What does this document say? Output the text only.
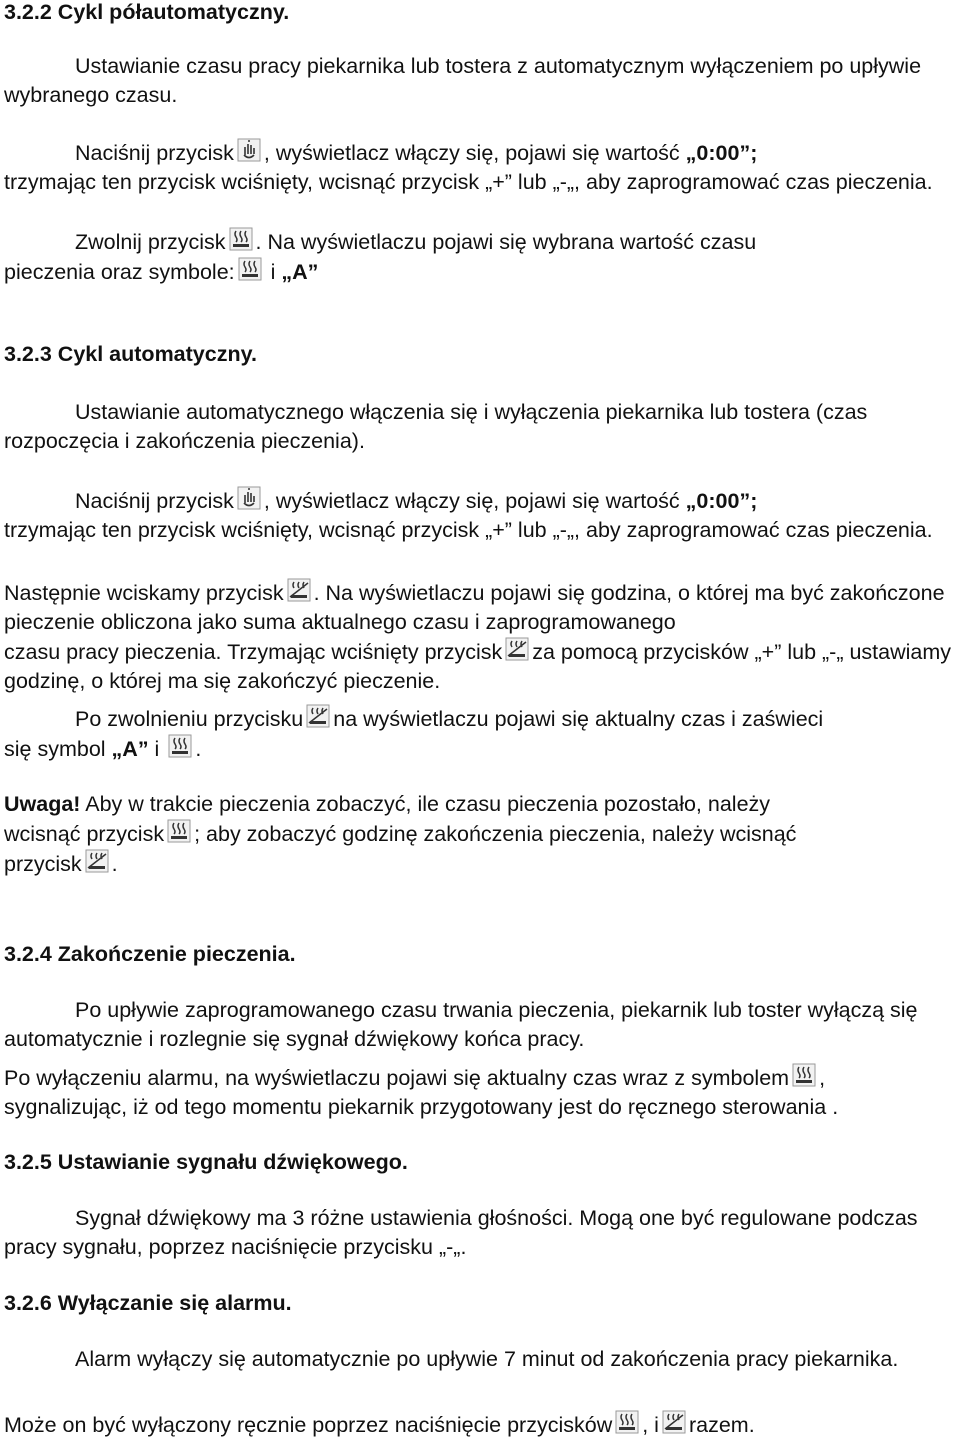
3.2.2 Cykl półautomatyczny.
Ustawianie czasu pracy piekarnika lub tostera z automatycznym wyłączeniem po upływie wybranego czasu.
Naciśnij przycisk , wyświetlacz włączy się, pojawi się wartość „0:00”;
trzymając ten przycisk wciśnięty, wcisnąć przycisk „+” lub „-„, aby zaprogramować czas pieczenia.
Zwolnij przycisk . Na wyświetlaczu pojawi się wybrana wartość czasu
pieczenia oraz symbole:
i „A”
3.2.3 Cykl automatyczny.
Ustawianie automatycznego włączenia się i wyłączenia piekarnika lub tostera (czas rozpoczęcia i zakończenia pieczenia).
Naciśnij przycisk , wyświetlacz włączy się, pojawi się wartość „0:00”;
trzymając ten przycisk wciśnięty, wcisnąć przycisk „+” lub „-„, aby zaprogramować czas pieczenia.
Następnie wciskamy przycisk . Na wyświetlaczu pojawi się godzina, o której ma być zakończone pieczenie obliczona jako suma aktualnego czasu i zaprogramowanego
czasu pracy pieczenia. Trzymając wciśnięty przycisk za pomocą przycisków „+” lub „-„ ustawiamy godzinę, o której ma się zakończyć pieczenie.
Po zwolnieniu przycisku na wyświetlaczu pojawi się aktualny czas i zaświeci
się symbol „A” i
.
Uwaga! Aby w trakcie pieczenia zobaczyć, ile czasu pieczenia pozostało, należy
wcisnąć przycisk ; aby zobaczyć godzinę zakończenia pieczenia, należy wcisnąć
przycisk .
3.2.4 Zakończenie pieczenia.
Po upływie zaprogramowanego czasu trwania pieczenia, piekarnik lub toster wyłączą się automatycznie i rozlegnie się sygnał dźwiękowy końca pracy.
Po wyłączeniu alarmu, na wyświetlaczu pojawi się aktualny czas wraz z symbolem ,
sygnalizując, iż od tego momentu piekarnik przygotowany jest do ręcznego sterowania .
3.2.5 Ustawianie sygnału dźwiękowego.
Sygnał dźwiękowy ma 3 różne ustawienia głośności. Mogą one być regulowane podczas pracy sygnału, poprzez naciśnięcie przycisku „-„.
3.2.6 Wyłączanie się alarmu.
Alarm wyłączy się automatycznie po upływie 7 minut od zakończenia pracy piekarnika.
Może on być wyłączony ręcznie poprzez naciśnięcie przycisków , i razem.
